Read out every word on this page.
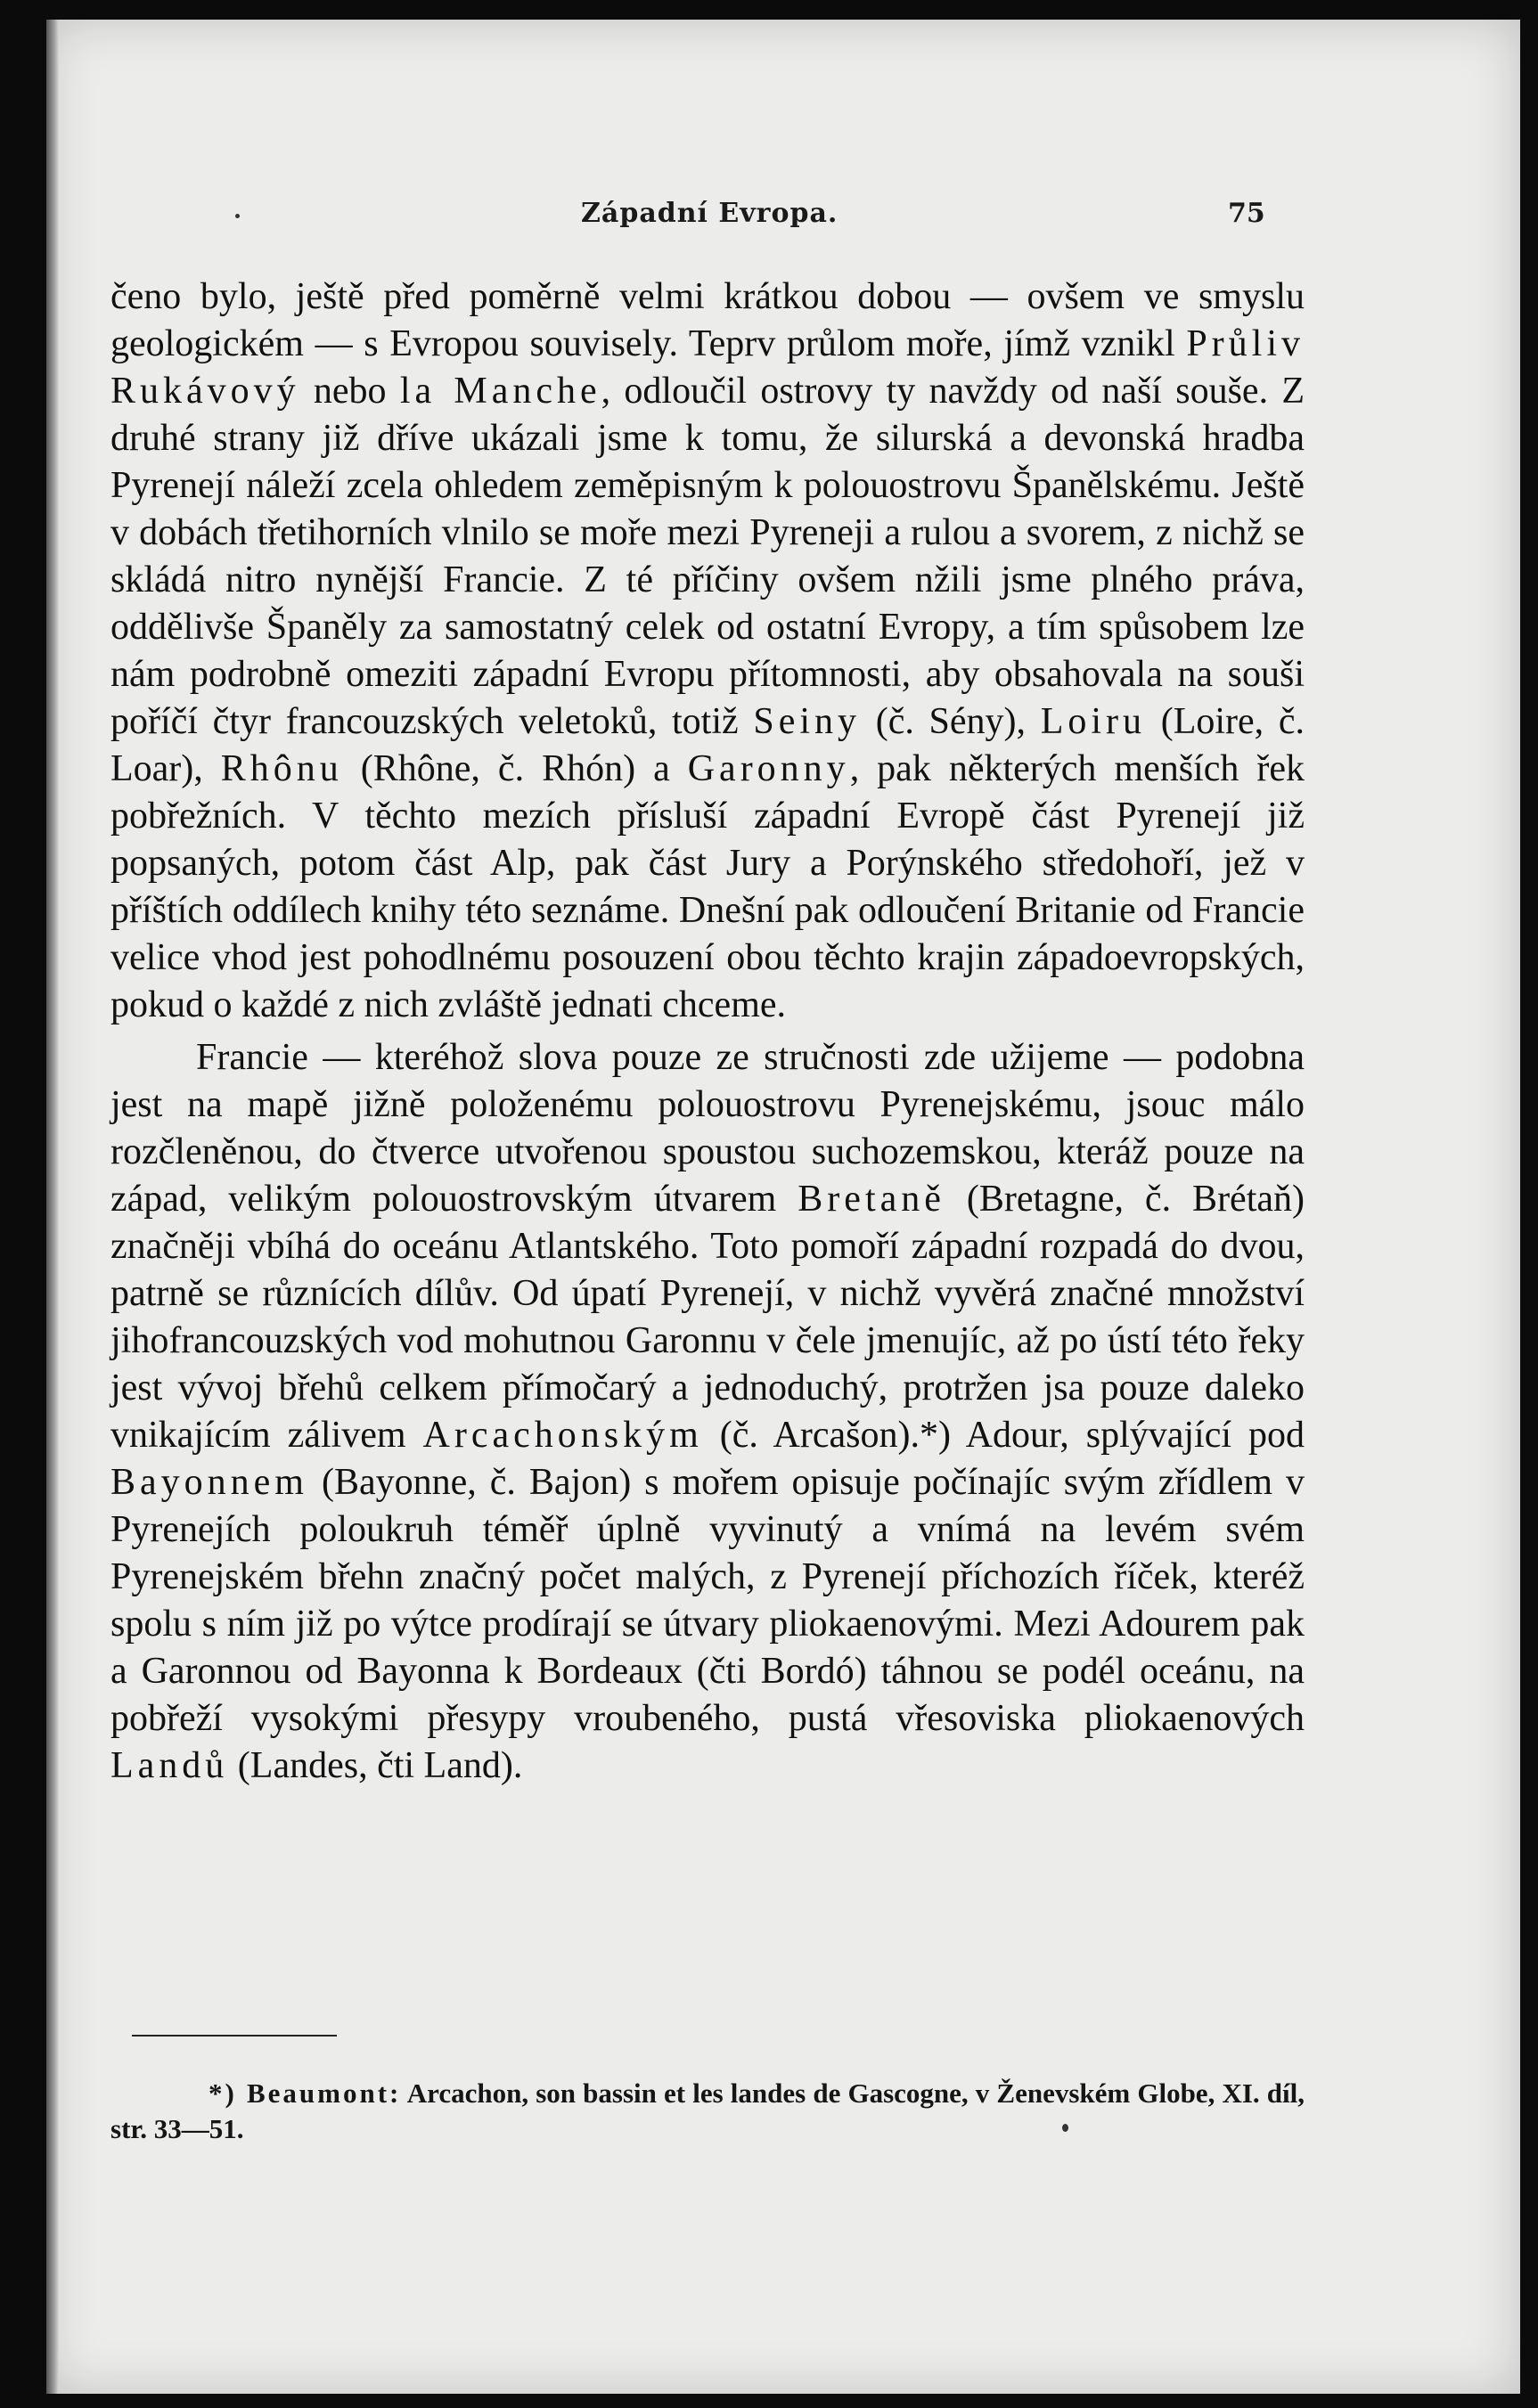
Západní Evropa.	75

čeno bylo, ještě před poměrně velmi krátkou dobou — ovšem ve smyslu geologickém — s Evropou souvisely. Teprv průlom moře, jímž vznikl Průliv Rukávový nebo la Manche, odloučil ostrovy ty navždy od naší souše. Z druhé strany již dříve ukázali jsme k tomu, že silurská a devonská hradba Pyrenejí náleží zcela ohledem zeměpisným k polouostrovu Španělskému. Ještě v dobách třetihorních vlnilo se moře mezi Pyreneji a rulou a svorem, z nichž se skládá nitro nynější Francie. Z té příčiny ovšem nžili jsme plného práva, oddělivše Španěly za samostatný celek od ostatní Evropy, a tím spůsobem lze nám podrobně omeziti západní Evropu přítomnosti, aby obsahovala na souši poříčí čtyr francouzských veletoků, totiž Seiny (č. Sény), Loiru (Loire, č. Loar), Rhônu (Rhône, č. Rhón) a Garonny, pak některých menších řek pobřežních. V těchto mezích přísluší západní Evropě část Pyrenejí již popsaných, potom část Alp, pak část Jury a Porýnského středohoří, jež v příštích oddílech knihy této seznáme. Dnešní pak odloučení Britanie od Francie velice vhod jest pohodlnému posouzení obou těchto krajin západoevropských, pokud o každé z nich zvláště jednati chceme.

Francie — kteréhož slova pouze ze stručnosti zde užijeme — podobna jest na mapě jižně položenému polouostrovu Pyrenejskému, jsouc málo rozčleněnou, do čtverce utvořenou spoustou suchozemskou, kteráž pouze na západ, velikým polouostrovským útvarem Bretaně (Bretagne, č. Brétaň) značněji vbíhá do oceánu Atlantského. Toto pomoří západní rozpadá do dvou, patrně se různících dílův. Od úpatí Pyrenejí, v nichž vyvěrá značné množství jihofrancouzských vod mohutnou Garonnu v čele jmenujíc, až po ústí této řeky jest vývoj břehů celkem přímočarý a jednoduchý, protržen jsa pouze daleko vnikajícím zálivem Arcachonským (č. Arcašon).*) Adour, splývající pod Bayonnem (Bayonne, č. Bajon) s mořem opisuje počínajíc svým zřídlem v Pyrenejích poloukruh téměř úplně vyvinutý a vnímá na levém svém Pyrenejském břehn značný počet malých, z Pyrenejí příchozích říček, kteréž spolu s ním již po výtce prodírají se útvary pliokaenovými. Mezi Adourem pak a Garonnou od Bayonna k Bordeaux (čti Bordó) táhnou se podél oceánu, na pobřeží vysokými přesypy vroubeného, pustá vřesoviska pliokaenových Landů (Landes, čti Land).

*) Beaumont: Arcachon, son bassin et les landes de Gascogne, v Ženevském Globe, XI. díl, str. 33—51.
